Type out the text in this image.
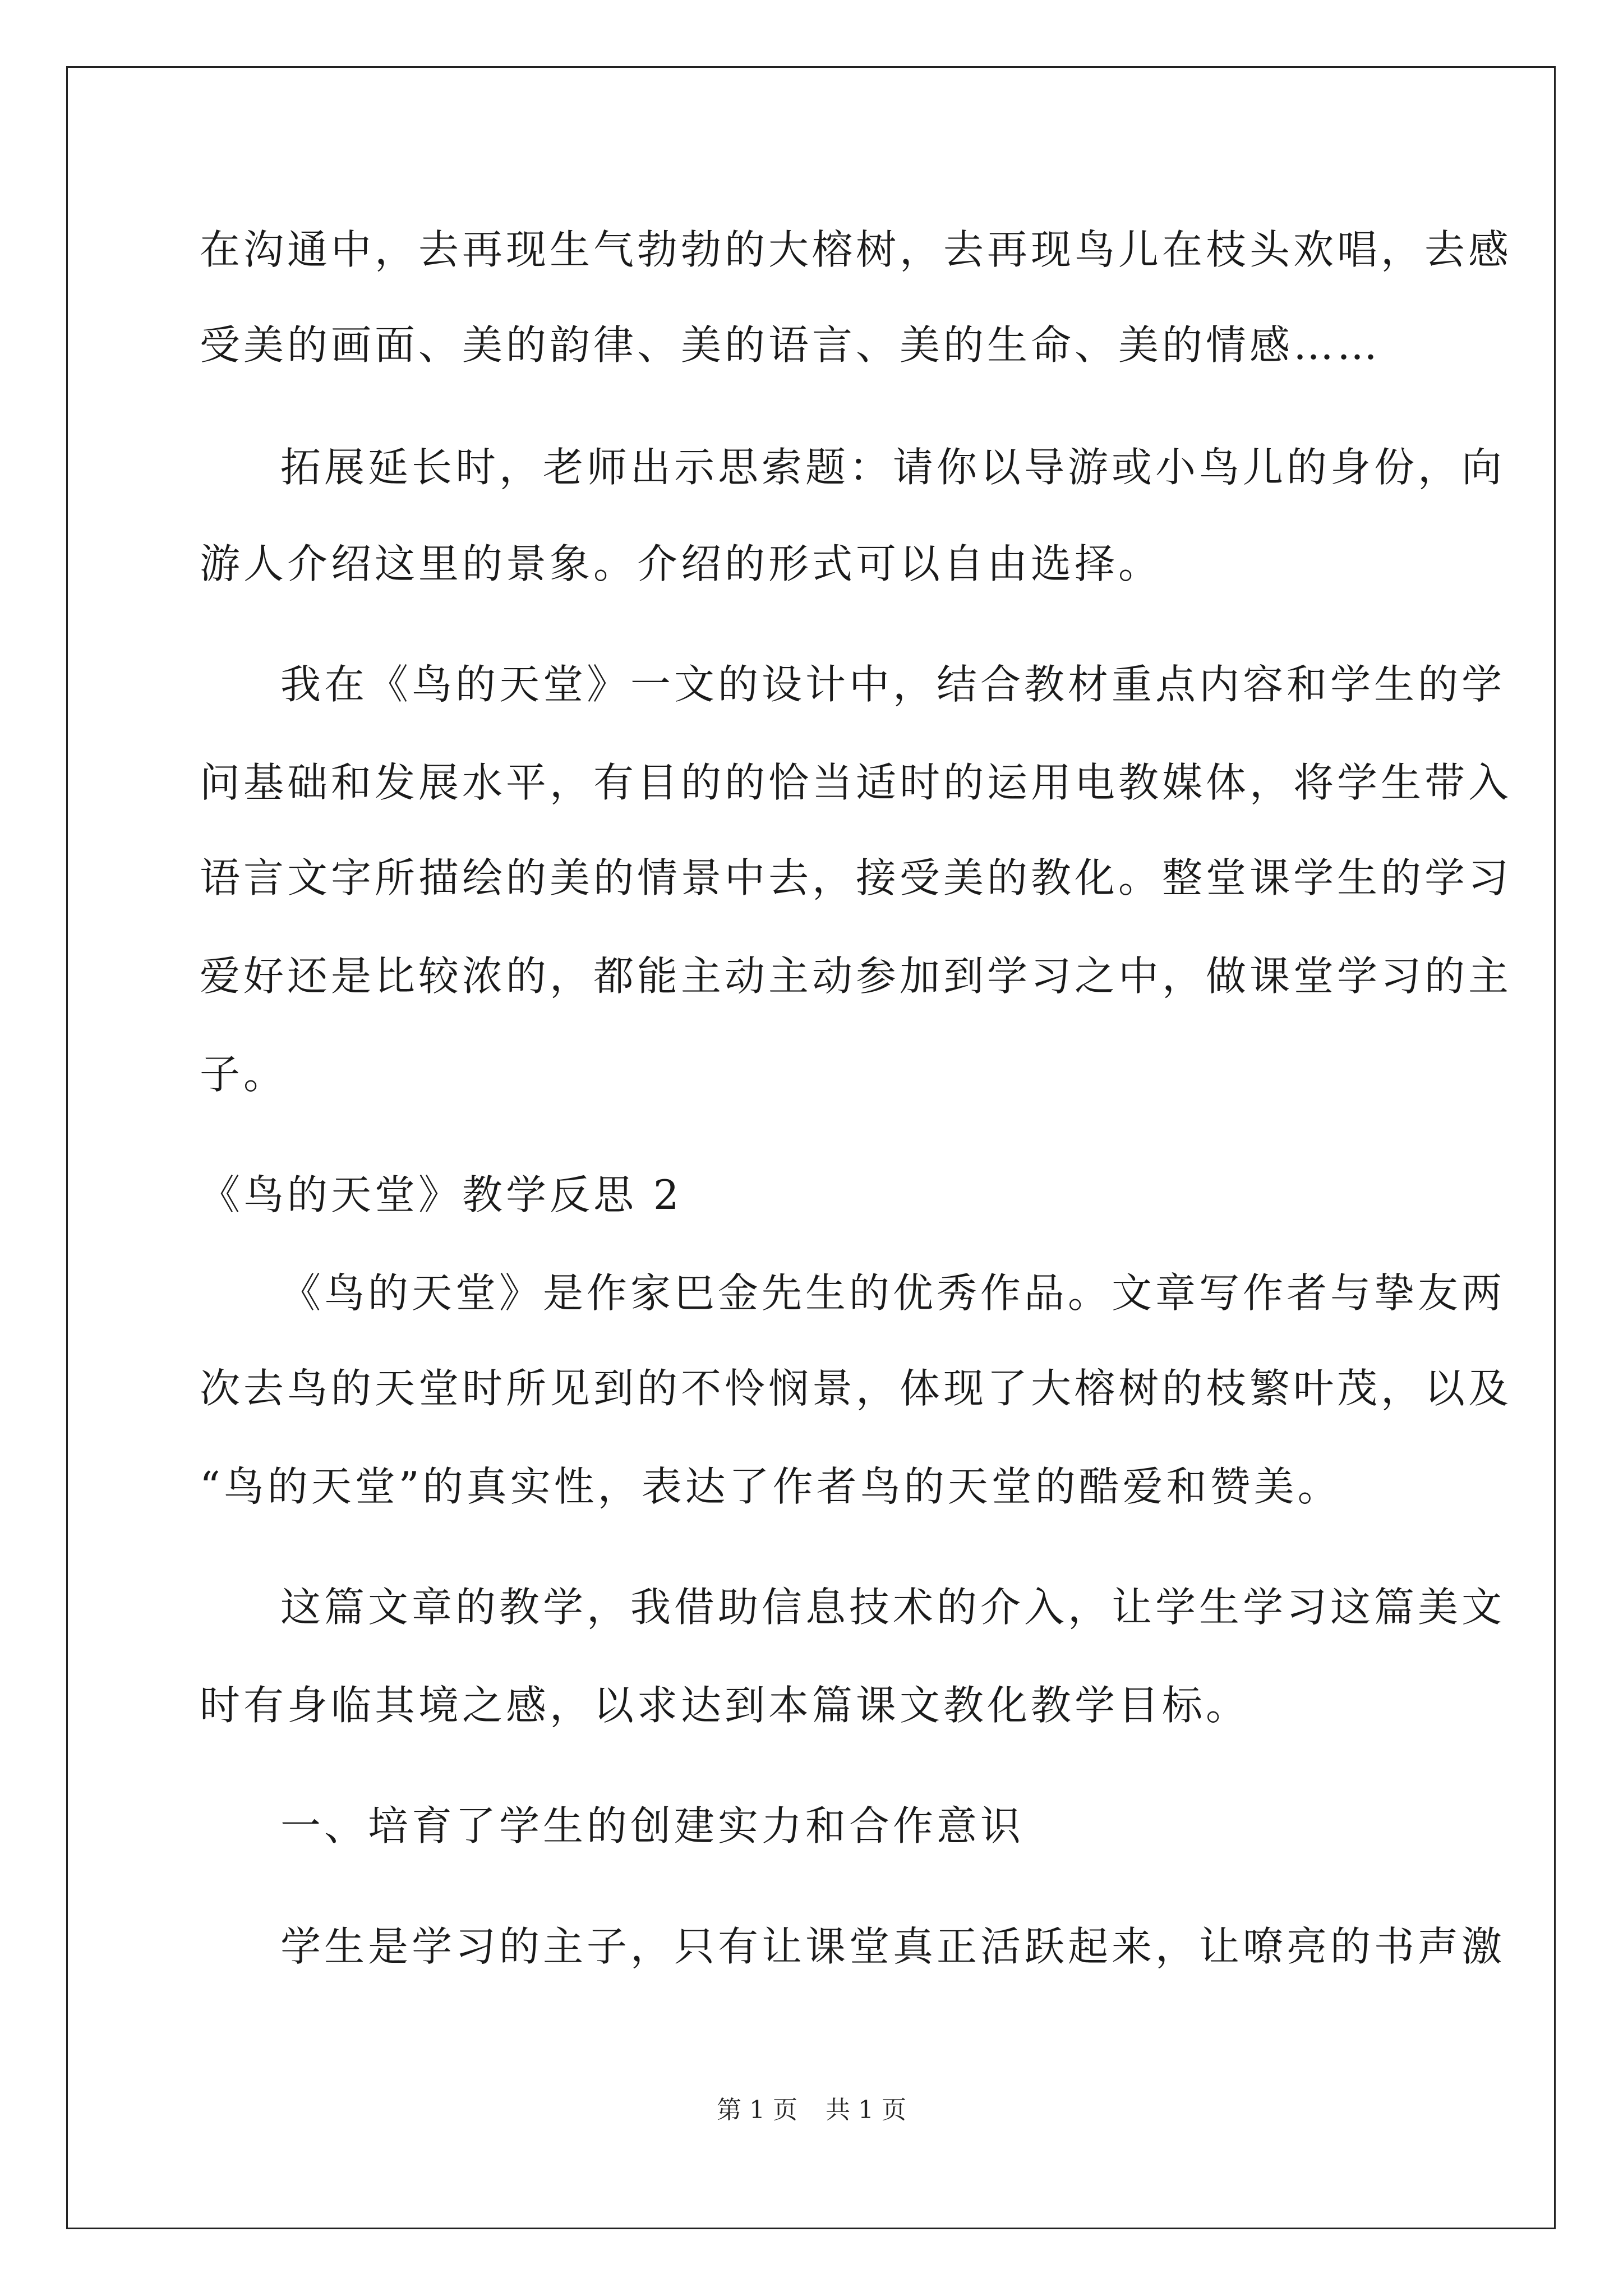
在沟通中，去再现生气勃勃的大榕树，去再现鸟儿在枝头欢唱，去感
受美的画面、美的韵律、美的语言、美的生命、美的情感……
拓展延长时，老师出示思索题：请你以导游或小鸟儿的身份，向
游人介绍这里的景象。介绍的形式可以自由选择。
我在《鸟的天堂》一文的设计中，结合教材重点内容和学生的学
问基础和发展水平，有目的的恰当适时的运用电教媒体，将学生带入
语言文字所描绘的美的情景中去，接受美的教化。整堂课学生的学习
爱好还是比较浓的，都能主动主动参加到学习之中，做课堂学习的主
子。
《鸟的天堂》教学反思 2
《鸟的天堂》是作家巴金先生的优秀作品。文章写作者与挚友两
次去鸟的天堂时所见到的不怜悯景，体现了大榕树的枝繁叶茂，以及
“鸟的天堂”的真实性，表达了作者鸟的天堂的酷爱和赞美。
这篇文章的教学，我借助信息技术的介入，让学生学习这篇美文
时有身临其境之感，以求达到本篇课文教化教学目标。
一、培育了学生的创建实力和合作意识
学生是学习的主子，只有让课堂真正活跃起来，让嘹亮的书声激
第 1 页 共 1 页
